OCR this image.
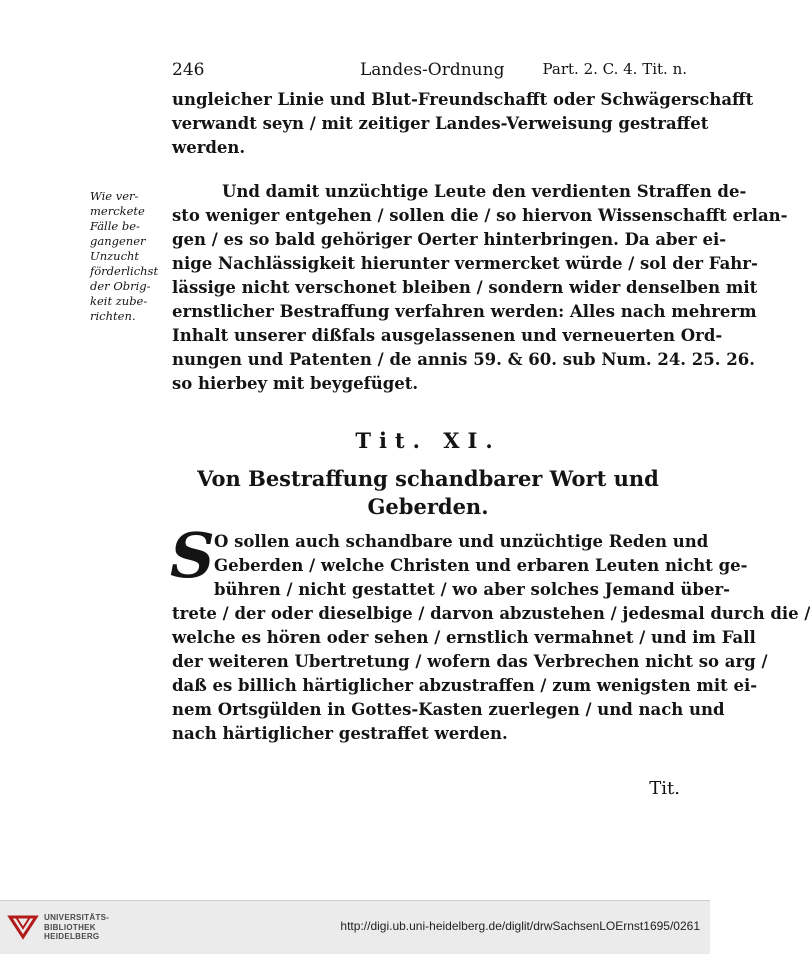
246	Landes-Ordnung	Part. 2. C. 4. Tit. n.
ungleicher Linie und Blut-Freundschafft oder Schwägerschafft
verwandt seyn / mit zeitiger Landes-Verweisung gestraffet
werden.
Wie ver-
merckete
Fälle be-
gangener
Unzucht
förderlichst
der Obrig-
keit zube-
richten.
Und damit unzüchtige Leute den verdienten Straffen de-
sto weniger entgehen / sollen die / so hiervon Wissenschafft erlan-
gen / es so bald gehöriger Oerter hinterbringen. Da aber ei-
nige Nachlässigkeit hierunter vermercket würde / sol der Fahr-
lässige nicht verschonet bleiben / sondern wider denselben mit
ernstlicher Bestraffung verfahren werden: Alles nach mehrerm
Inhalt unserer dißfals ausgelassenen und verneuerten Ord-
nungen und Patenten / de annis 59. & 60. sub Num. 24. 25. 26.
so hierbey mit beygefüget.
Tit. XI.
Von Bestraffung schandbarer Wort und
Geberden.
S O sollen auch schandbare und unzüchtige Reden und
Geberden / welche Christen und erbaren Leuten nicht ge-
bühren / nicht gestattet / wo aber solches Jemand über-
trete / der oder dieselbige / darvon abzustehen / jedesmal durch die /
welche es hören oder sehen / ernstlich vermahnet / und im Fall
der weiteren Ubertretung / wofern das Verbrechen nicht so arg /
daß es billich härtiglicher abzustraffen / zum wenigsten mit ei-
nem Ortsgülden in Gottes-Kasten zuerlegen / und nach und
nach härtiglicher gestraffet werden.
Tit.
UNIVERSITÄTS-
BIBLIOTHEK
HEIDELBERG
http://digi.ub.uni-heidelberg.de/diglit/drwSachsenLOErnst1695/0261
